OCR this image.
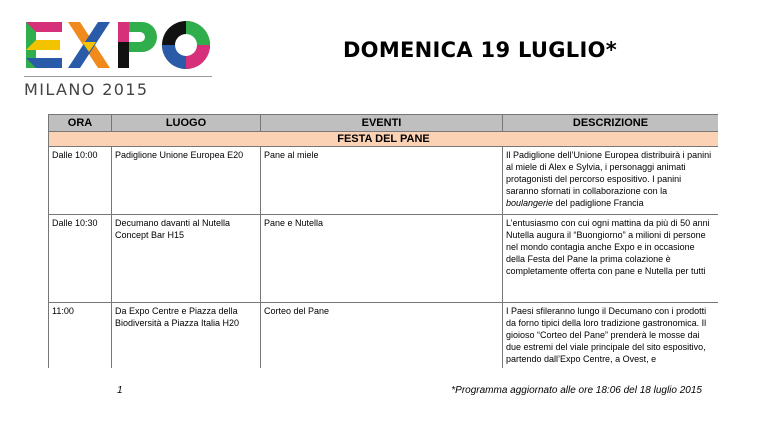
MILANO 2015
DOMENICA 19 LUGLIO*
ORA	LUOGO	EVENTI	DESCRIZIONE
FESTA DEL PANE			
Dalle 10:00	Padiglione Unione Europea E20	Pane al miele	Il Padiglione dell’Unione Europea distribuirà i panini al miele di Alex e Sylvia, i personaggi animati protagonisti del percorso espositivo. I panini saranno sfornati in collaborazione con la boulangerie del padiglione Francia
Dalle 10:30	Decumano davanti al Nutella Concept Bar H15	Pane e Nutella	L’entusiasmo con cui ogni mattina da più di 50 anni Nutella augura il “Buongiorno” a milioni di persone nel mondo contagia anche Expo e in occasione della Festa del Pane la prima colazione è completamente offerta con pane e Nutella per tutti
11:00	Da Expo Centre e Piazza della Biodiversità a Piazza Italia H20	Corteo del Pane	I Paesi sfileranno lungo il Decumano con i prodotti da forno tipici della loro tradizione gastronomica. Il gioioso “Corteo del Pane” prenderà le mosse dai due estremi del viale principale del sito espositivo, partendo dall’Expo Centre, a Ovest, e
1	*Programma aggiornato alle ore 18:06 del 18 luglio 2015
